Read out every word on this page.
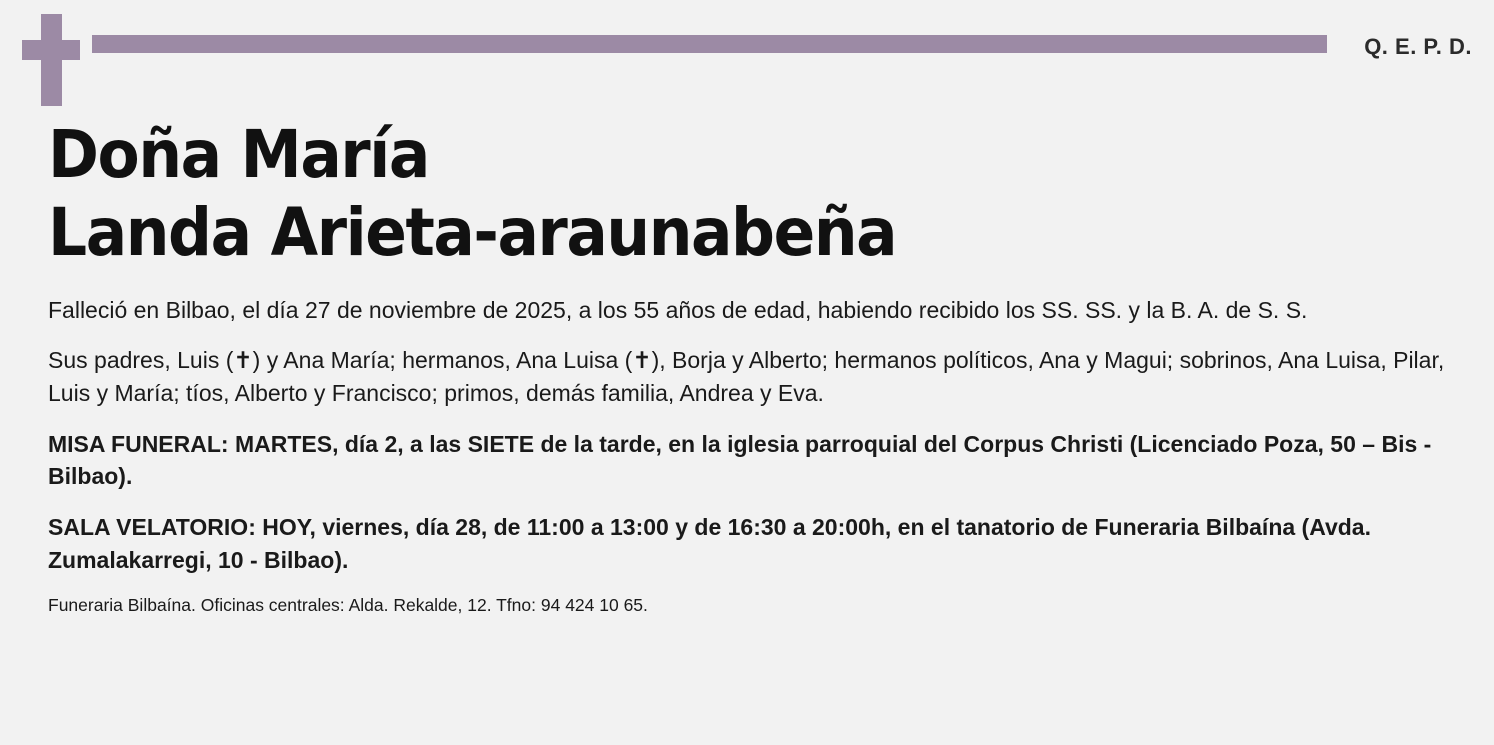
Q. E. P. D.
Doña María
Landa Arieta-araunabeña

Falleció en Bilbao, el día 27 de noviembre de 2025, a los 55 años de edad, habiendo recibido los SS. SS. y la B. A. de S. S.

Sus padres, Luis (✝) y Ana María; hermanos, Ana Luisa (✝), Borja y Alberto; hermanos políticos, Ana y Magui; sobrinos, Ana Luisa, Pilar, Luis y María; tíos, Alberto y Francisco; primos, demás familia, Andrea y Eva.

MISA FUNERAL: MARTES, día 2, a las SIETE de la tarde, en la iglesia parroquial del Corpus Christi (Licenciado Poza, 50 – Bis - Bilbao).

SALA VELATORIO: HOY, viernes, día 28, de 11:00 a 13:00 y de 16:30 a 20:00h, en el tanatorio de Funeraria Bilbaína (Avda. Zumalakarregi, 10 - Bilbao).

Funeraria Bilbaína. Oficinas centrales: Alda. Rekalde, 12. Tfno: 94 424 10 65.
